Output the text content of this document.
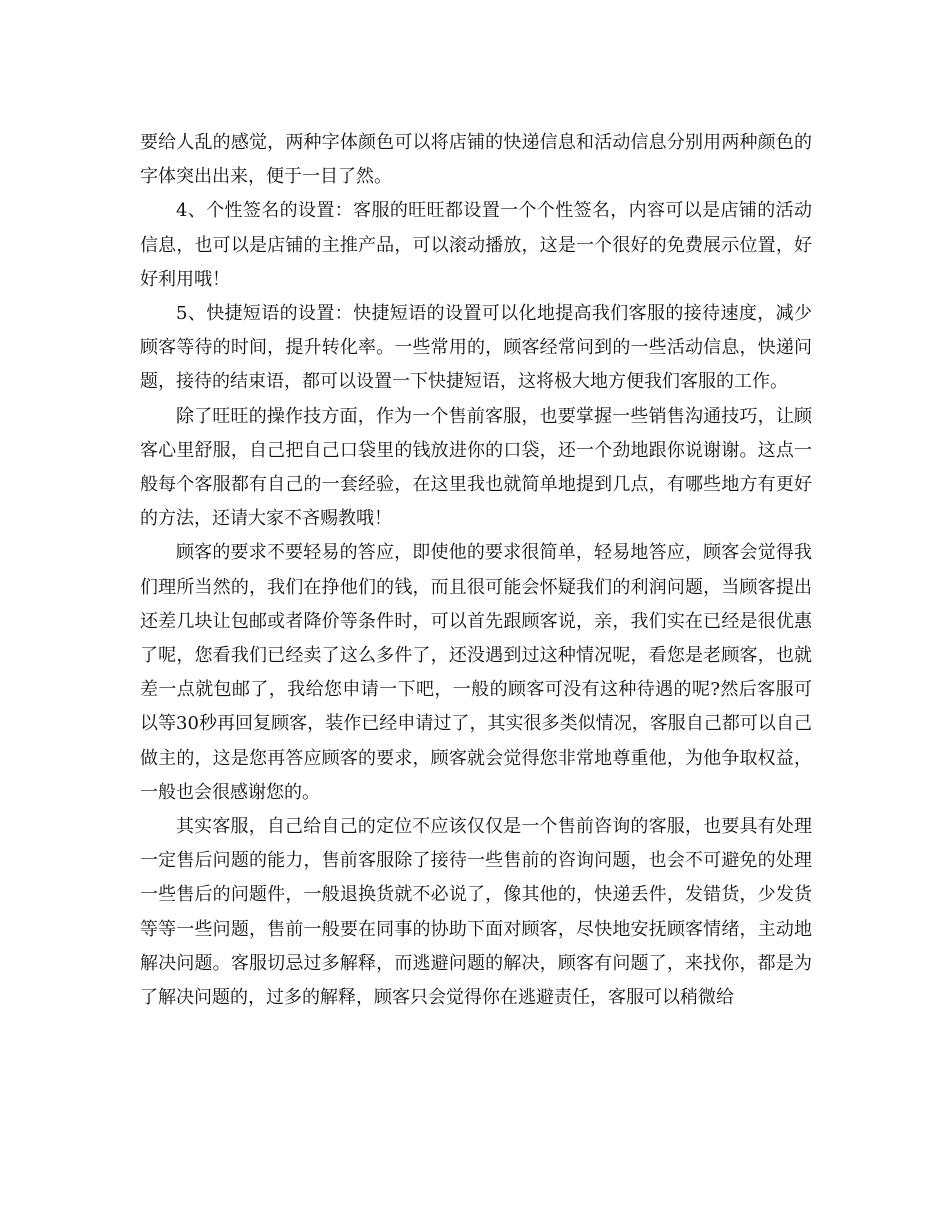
要给人乱的感觉，两种字体颜色可以将店铺的快递信息和活动信息分别用两种颜色的字体突出出来，便于一目了然。

4、个性签名的设置：客服的旺旺都设置一个个性签名，内容可以是店铺的活动信息，也可以是店铺的主推产品，可以滚动播放，这是一个很好的免费展示位置，好好利用哦！

5、快捷短语的设置：快捷短语的设置可以化地提高我们客服的接待速度，减少顾客等待的时间，提升转化率。一些常用的，顾客经常问到的一些活动信息，快递问题，接待的结束语，都可以设置一下快捷短语，这将极大地方便我们客服的工作。

除了旺旺的操作技方面，作为一个售前客服，也要掌握一些销售沟通技巧，让顾客心里舒服，自己把自己口袋里的钱放进你的口袋，还一个劲地跟你说谢谢。这点一般每个客服都有自己的一套经验，在这里我也就简单地提到几点，有哪些地方有更好的方法，还请大家不吝赐教哦！

顾客的要求不要轻易的答应，即使他的要求很简单，轻易地答应，顾客会觉得我们理所当然的，我们在挣他们的钱，而且很可能会怀疑我们的利润问题，当顾客提出还差几块让包邮或者降价等条件时，可以首先跟顾客说，亲，我们实在已经是很优惠了呢，您看我们已经卖了这么多件了，还没遇到过这种情况呢，看您是老顾客，也就差一点就包邮了，我给您申请一下吧，一般的顾客可没有这种待遇的呢?然后客服可以等30秒再回复顾客，装作已经申请过了，其实很多类似情况，客服自己都可以自己做主的，这是您再答应顾客的要求，顾客就会觉得您非常地尊重他，为他争取权益，一般也会很感谢您的。

其实客服，自己给自己的定位不应该仅仅是一个售前咨询的客服，也要具有处理一定售后问题的能力，售前客服除了接待一些售前的咨询问题，也会不可避免的处理一些售后的问题件，一般退换货就不必说了，像其他的，快递丢件，发错货，少发货等等一些问题，售前一般要在同事的协助下面对顾客，尽快地安抚顾客情绪，主动地解决问题。客服切忌过多解释，而逃避问题的解决，顾客有问题了，来找你，都是为了解决问题的，过多的解释，顾客只会觉得你在逃避责任，客服可以稍微给
